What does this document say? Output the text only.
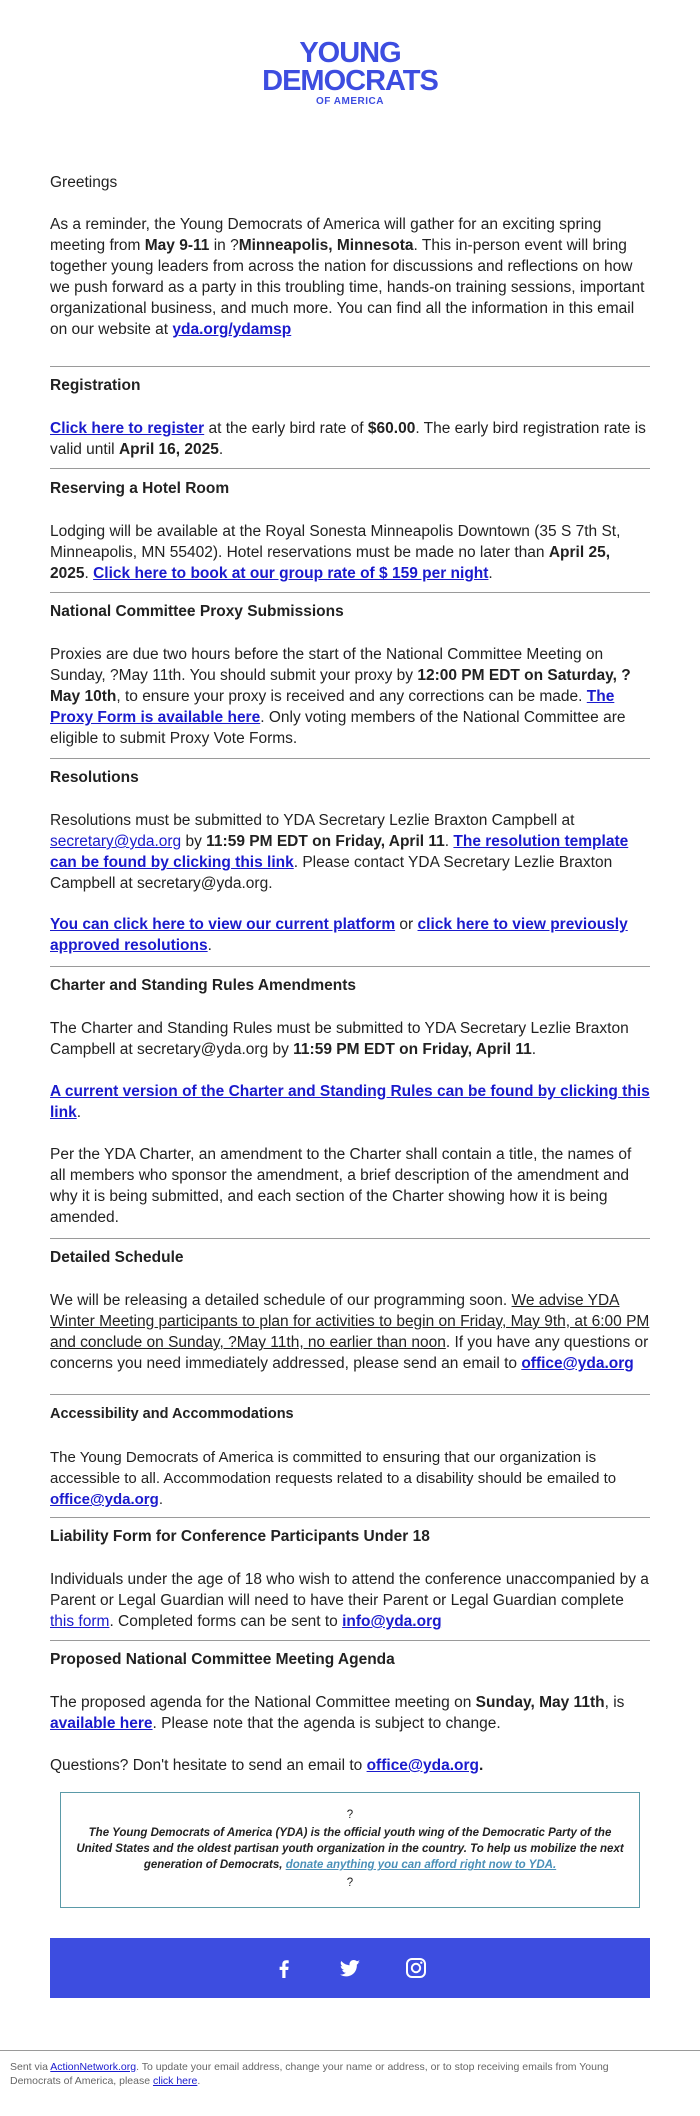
YOUNG
DEMOCRATS
OF AMERICA

Greetings

As a reminder, the Young Democrats of America will gather for an exciting spring meeting from May 9-11 in ?Minneapolis, Minnesota. This in-person event will bring together young leaders from across the nation for discussions and reflections on how we push forward as a party in this troubling time, hands-on training sessions, important organizational business, and much more. You can find all the information in this email on our website at yda.org/ydamsp

Registration

Click here to register at the early bird rate of $60.00. The early bird registration rate is valid until April 16, 2025.

Reserving a Hotel Room

Lodging will be available at the Royal Sonesta Minneapolis Downtown (35 S 7th St, Minneapolis, MN 55402). Hotel reservations must be made no later than April 25, 2025. Click here to book at our group rate of $ 159 per night.

National Committee Proxy Submissions

Proxies are due two hours before the start of the National Committee Meeting on Sunday, ?May 11th. You should submit your proxy by 12:00 PM EDT on Saturday, ?May 10th, to ensure your proxy is received and any corrections can be made. The Proxy Form is available here. Only voting members of the National Committee are eligible to submit Proxy Vote Forms.

Resolutions

Resolutions must be submitted to YDA Secretary Lezlie Braxton Campbell at secretary@yda.org by 11:59 PM EDT on Friday, April 11. The resolution template can be found by clicking this link. Please contact YDA Secretary Lezlie Braxton Campbell at secretary@yda.org.

You can click here to view our current platform or click here to view previously approved resolutions.

Charter and Standing Rules Amendments

The Charter and Standing Rules must be submitted to YDA Secretary Lezlie Braxton Campbell at secretary@yda.org by 11:59 PM EDT on Friday, April 11.

A current version of the Charter and Standing Rules can be found by clicking this link.

Per the YDA Charter, an amendment to the Charter shall contain a title, the names of all members who sponsor the amendment, a brief description of the amendment and why it is being submitted, and each section of the Charter showing how it is being amended.

Detailed Schedule

We will be releasing a detailed schedule of our programming soon. We advise YDA Winter Meeting participants to plan for activities to begin on Friday, May 9th, at 6:00 PM and conclude on Sunday, ?May 11th, no earlier than noon. If you have any questions or concerns you need immediately addressed, please send an email to office@yda.org

Accessibility and Accommodations

The Young Democrats of America is committed to ensuring that our organization is accessible to all. Accommodation requests related to a disability should be emailed to office@yda.org.

Liability Form for Conference Participants Under 18

Individuals under the age of 18 who wish to attend the conference unaccompanied by a Parent or Legal Guardian will need to have their Parent or Legal Guardian complete this form. Completed forms can be sent to info@yda.org

Proposed National Committee Meeting Agenda

The proposed agenda for the National Committee meeting on Sunday, May 11th, is available here. Please note that the agenda is subject to change.

Questions? Don't hesitate to send an email to office@yda.org.

?
The Young Democrats of America (YDA) is the official youth wing of the Democratic Party of the United States and the oldest partisan youth organization in the country. To help us mobilize the next generation of Democrats, donate anything you can afford right now to YDA.
?
Sent via ActionNetwork.org. To update your email address, change your name or address, or to stop receiving emails from Young Democrats of America, please click here.
